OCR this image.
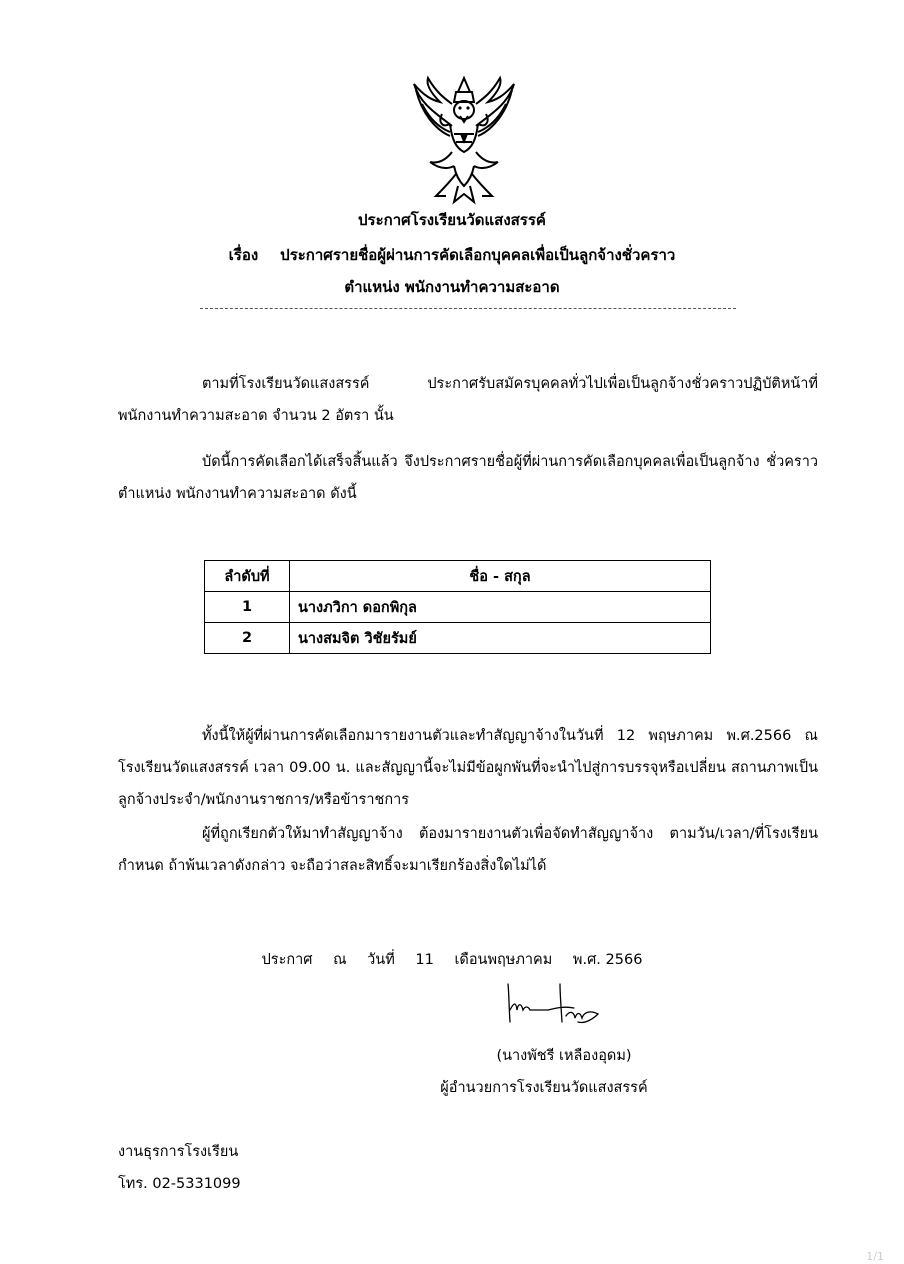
ประกาศโรงเรียนวัดแสงสรรค์
เรื่อง ประกาศรายชื่อผู้ผ่านการคัดเลือกบุคคลเพื่อเป็นลูกจ้างชั่วคราว
ตำแหน่ง พนักงานทำความสะอาด
ตามที่โรงเรียนวัดแสงสรรค์ ประกาศรับสมัครบุคคลทั่วไปเพื่อเป็นลูกจ้างชั่วคราวปฏิบัติหน้าที่ พนักงานทำความสะอาด จำนวน 2 อัตรา นั้น
บัดนี้การคัดเลือกได้เสร็จสิ้นแล้ว จึงประกาศรายชื่อผู้ที่ผ่านการคัดเลือกบุคคลเพื่อเป็นลูกจ้าง ชั่วคราว ตำแหน่ง พนักงานทำความสะอาด ดังนี้
ลำดับที่	ชื่อ - สกุล
1	นางภวิกา ดอกพิกุล
2	นางสมจิต วิชัยรัมย์
ทั้งนี้ให้ผู้ที่ผ่านการคัดเลือกมารายงานตัวและทำสัญญาจ้างในวันที่ 12 พฤษภาคม พ.ศ.2566 ณ โรงเรียนวัดแสงสรรค์ เวลา 09.00 น. และสัญญานี้จะไม่มีข้อผูกพันที่จะนำไปสู่การบรรจุหรือเปลี่ยน สถานภาพเป็นลูกจ้างประจำ/พนักงานราชการ/หรือข้าราชการ
ผู้ที่ถูกเรียกตัวให้มาทำสัญญาจ้าง ต้องมารายงานตัวเพื่อจัดทำสัญญาจ้าง ตามวัน/เวลา/ที่โรงเรียน กำหนด ถ้าพ้นเวลาดังกล่าว จะถือว่าสละสิทธิ์จะมาเรียกร้องสิ่งใดไม่ได้
ประกาศ ณ วันที่ 11 เดือนพฤษภาคม พ.ศ. 2566
(นางพัชรี เหลืองอุดม)
ผู้อำนวยการโรงเรียนวัดแสงสรรค์
งานธุรการโรงเรียน
โทร. 02-5331099
1/1
